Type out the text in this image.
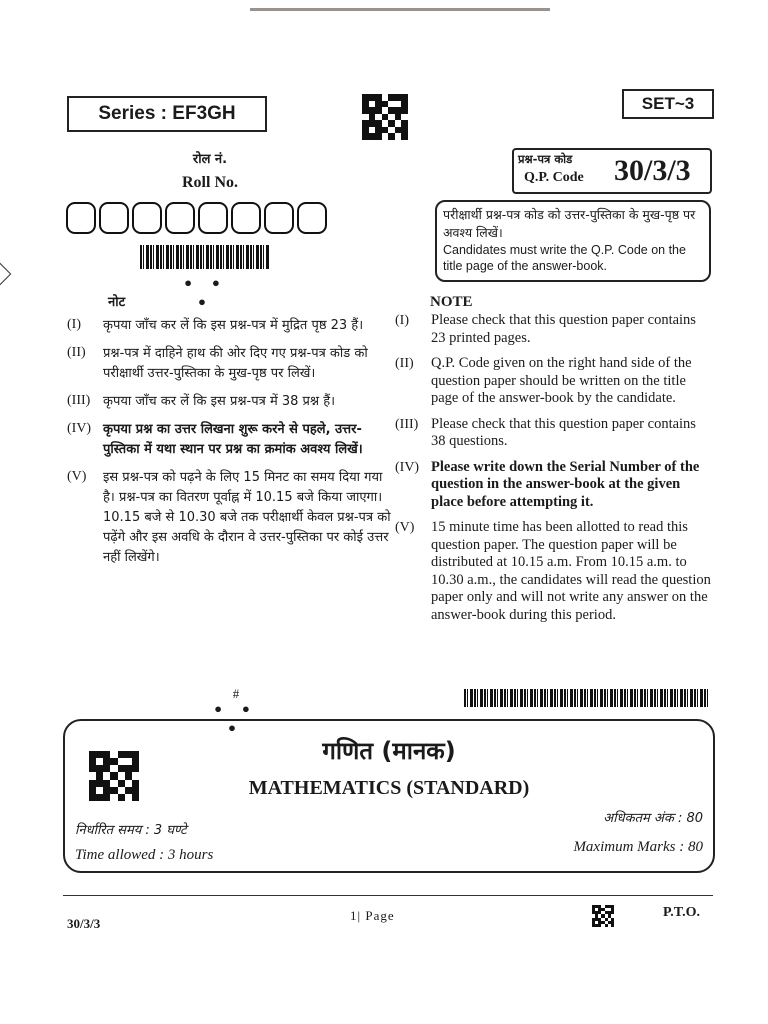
Series : EF3GH	SET~3
रोल नं.
Roll No.
• • •
प्रश्न-पत्र कोड
Q.P. Code 30/3/3
परीक्षार्थी प्रश्न-पत्र कोड को उत्तर-पुस्तिका के मुख-पृष्ठ पर अवश्य लिखें।
Candidates must write the Q.P. Code on the title page of the answer-book.
नोट	NOTE
(I)	कृपया जाँच कर लें कि इस प्रश्न-पत्र में मुद्रित पृष्ठ 23 हैं।
(II)	प्रश्न-पत्र में दाहिने हाथ की ओर दिए गए प्रश्न-पत्र कोड को परीक्षार्थी उत्तर-पुस्तिका के मुख-पृष्ठ पर लिखें।
(III) कृपया जाँच कर लें कि इस प्रश्न-पत्र में 38 प्रश्न हैं।
(IV) कृपया प्रश्न का उत्तर लिखना शुरू करने से पहले, उत्तर-पुस्तिका में यथा स्थान पर प्रश्न का क्रमांक अवश्य लिखें।
(V)	इस प्रश्न-पत्र को पढ़ने के लिए 15 मिनट का समय दिया गया है। प्रश्न-पत्र का वितरण पूर्वाह्न में 10.15 बजे किया जाएगा। 10.15 बजे से 10.30 बजे तक परीक्षार्थी केवल प्रश्न-पत्र को पढ़ेंगे और इस अवधि के दौरान वे उत्तर-पुस्तिका पर कोई उत्तर नहीं लिखेंगे।
(I)	Please check that this question paper contains 23 printed pages.
(II)	Q.P. Code given on the right hand side of the question paper should be written on the title page of the answer-book by the candidate.
(III) Please check that this question paper contains 38 questions.
(IV) Please write down the Serial Number of the question in the answer-book at the given place before attempting it.
(V)	15 minute time has been allotted to read this question paper. The question paper will be distributed at 10.15 a.m. From 10.15 a.m. to 10.30 a.m., the candidates will read the question paper only and will not write any answer on the answer-book during this period.
#
• • •
गणित (मानक)
MATHEMATICS (STANDARD)
निर्धारित समय : 3 घण्टे
Time allowed : 3 hours
अधिकतम अंक : 80
Maximum Marks : 80
30/3/3
1| Page	P.T.O.
